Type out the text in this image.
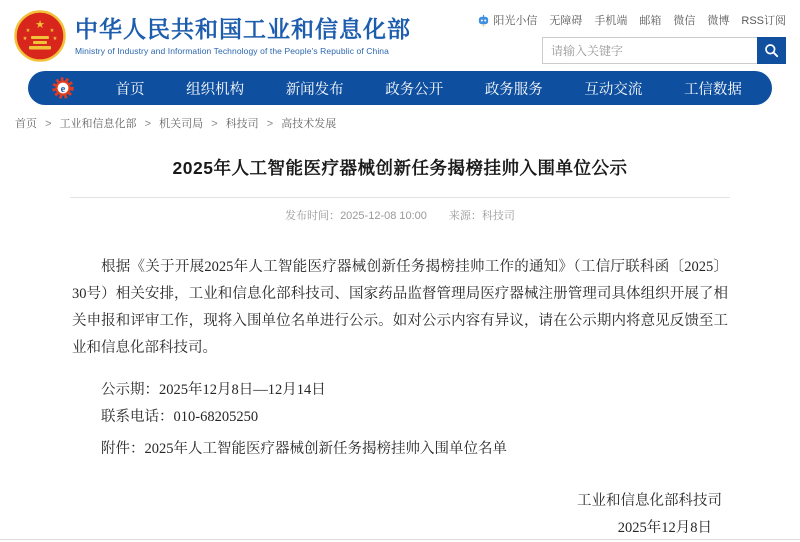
★
★	★
★	★ 中华人民共和国工业和信息化部
Ministry of Industry and Information Technology of the People’s Republic of China
阳光小信 无障碍 手机端 邮箱 微信 微博 RSS订阅
请输入关键字
e	首页	组织机构	新闻发布	政务公开	政务服务	互动交流	工信数据
首页 > 工业和信息化部 > 机关司局 > 科技司 > 高技术发展
2025年人工智能医疗器械创新任务揭榜挂帅入围单位公示
发布时间：2025-12-08 10:00 来源：科技司

根据《关于开展2025年人工智能医疗器械创新任务揭榜挂帅工作的通知》（工信厅联科函〔2025〕30号）相关安排，工业和信息化部科技司、国家药品监督管理局医疗器械注册管理司具体组织开展了相关申报和评审工作，现将入围单位名单进行公示。如对公示内容有异议，请在公示期内将意见反馈至工业和信息化部科技司。

公示期：2025年12月8日—12月14日

联系电话：010-68205250

附件：2025年人工智能医疗器械创新任务揭榜挂帅入围单位名单

工业和信息化部科技司

2025年12月8日
